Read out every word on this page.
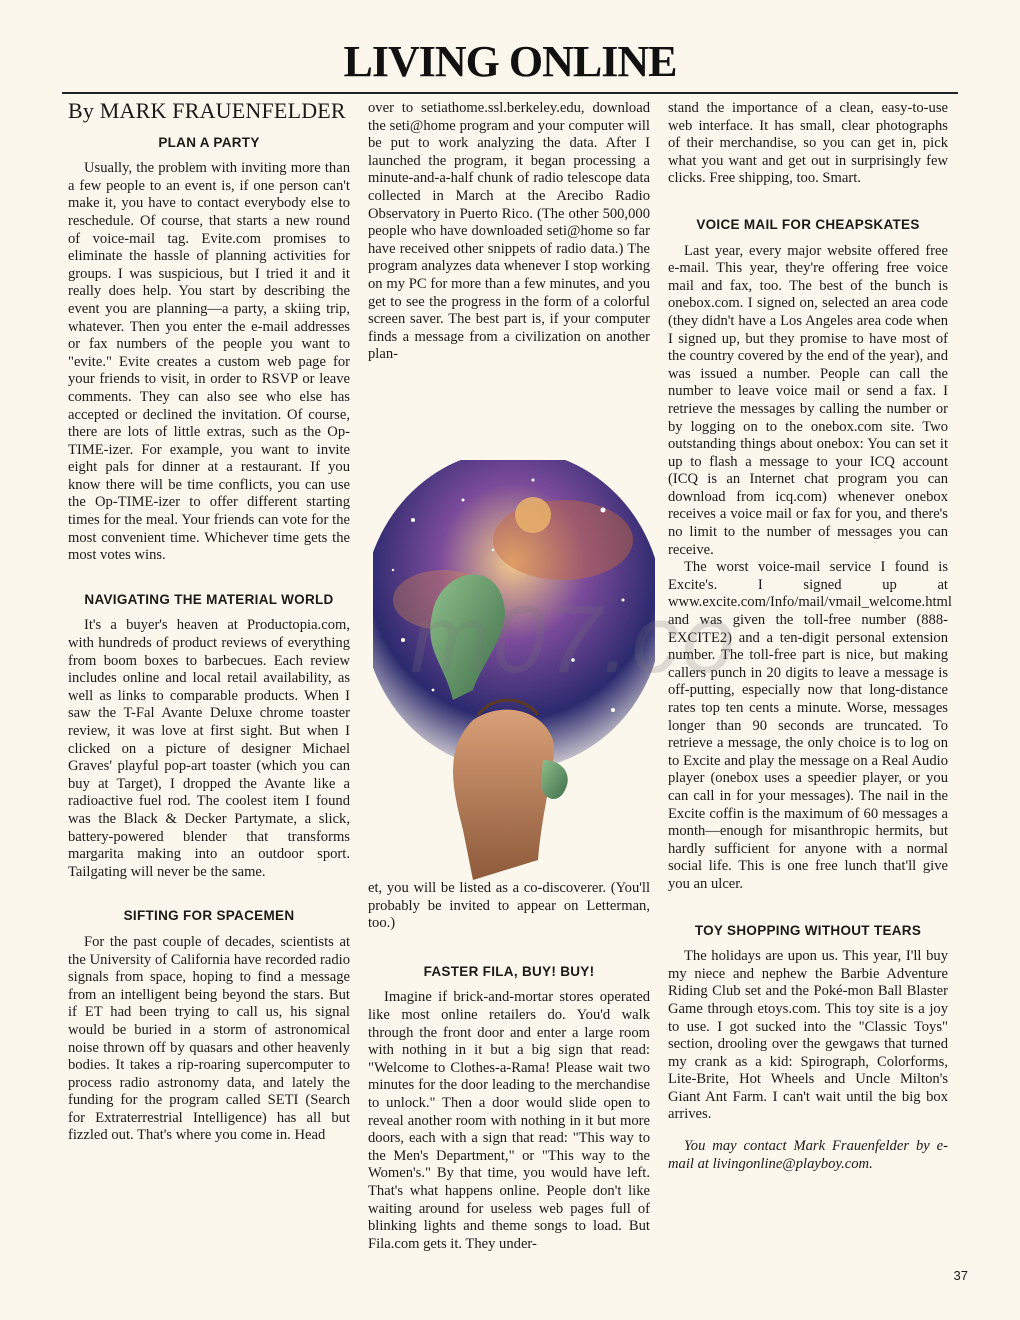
LIVING ONLINE
By MARK FRAUENFELDER
PLAN A PARTY

Usually, the problem with inviting more than a few people to an event is, if one person can't make it, you have to contact everybody else to reschedule. Of course, that starts a new round of voice-mail tag. Evite.com promises to eliminate the hassle of planning activities for groups. I was suspicious, but I tried it and it really does help. You start by describing the event you are planning—a party, a skiing trip, whatever. Then you enter the e-mail addresses or fax numbers of the people you want to "evite." Evite creates a custom web page for your friends to visit, in order to RSVP or leave comments. They can also see who else has accepted or declined the invitation. Of course, there are lots of little extras, such as the Op-TIME-izer. For example, you want to invite eight pals for dinner at a restaurant. If you know there will be time conflicts, you can use the Op-TIME-izer to offer different starting times for the meal. Your friends can vote for the most convenient time. Whichever time gets the most votes wins.

NAVIGATING THE MATERIAL WORLD

It's a buyer's heaven at Productopia.com, with hundreds of product reviews of everything from boom boxes to barbecues. Each review includes online and local retail availability, as well as links to comparable products. When I saw the T-Fal Avante Deluxe chrome toaster review, it was love at first sight. But when I clicked on a picture of designer Michael Graves' playful pop-art toaster (which you can buy at Target), I dropped the Avante like a radioactive fuel rod. The coolest item I found was the Black & Decker Partymate, a slick, battery-powered blender that transforms margarita making into an outdoor sport. Tailgating will never be the same.

SIFTING FOR SPACEMEN

For the past couple of decades, scientists at the University of California have recorded radio signals from space, hoping to find a message from an intelligent being beyond the stars. But if ET had been trying to call us, his signal would be buried in a storm of astronomical noise thrown off by quasars and other heavenly bodies. It takes a rip-roaring supercomputer to process radio astronomy data, and lately the funding for the program called SETI (Search for Extraterrestrial Intelligence) has all but fizzled out. That's where you come in. Head

over to setiathome.ssl.berkeley.edu, download the seti@home program and your computer will be put to work analyzing the data. After I launched the program, it began processing a minute-and-a-half chunk of radio telescope data collected in March at the Arecibo Radio Observatory in Puerto Rico. (The other 500,000 people who have downloaded seti@home so far have received other snippets of radio data.) The program analyzes data whenever I stop working on my PC for more than a few minutes, and you get to see the progress in the form of a colorful screen saver. The best part is, if your computer finds a message from a civilization on another plan-

et, you will be listed as a co-discoverer. (You'll probably be invited to appear on Letterman, too.)

FASTER FILA, BUY! BUY!

Imagine if brick-and-mortar stores operated like most online retailers do. You'd walk through the front door and enter a large room with nothing in it but a big sign that read: "Welcome to Clothes-a-Rama! Please wait two minutes for the door leading to the merchandise to unlock." Then a door would slide open to reveal another room with nothing in it but more doors, each with a sign that read: "This way to the Men's Department," or "This way to the Women's." By that time, you would have left. That's what happens online. People don't like waiting around for useless web pages full of blinking lights and theme songs to load. But Fila.com gets it. They under-

stand the importance of a clean, easy-to-use web interface. It has small, clear photographs of their merchandise, so you can get in, pick what you want and get out in surprisingly few clicks. Free shipping, too. Smart.

VOICE MAIL FOR CHEAPSKATES

Last year, every major website offered free e-mail. This year, they're offering free voice mail and fax, too. The best of the bunch is onebox.com. I signed on, selected an area code (they didn't have a Los Angeles area code when I signed up, but they promise to have most of the country covered by the end of the year), and was issued a number. People can call the number to leave voice mail or send a fax. I retrieve the messages by calling the number or by logging on to the onebox.com site. Two outstanding things about onebox: You can set it up to flash a message to your ICQ account (ICQ is an Internet chat program you can download from icq.com) whenever onebox receives a voice mail or fax for you, and there's no limit to the number of messages you can receive.

The worst voice-mail service I found is Excite's. I signed up at www.excite.com/Info/mail/vmail_welcome.html and was given the toll-free number (888-EXCITE2) and a ten-digit personal extension number. The toll-free part is nice, but making callers punch in 20 digits to leave a message is off-putting, especially now that long-distance rates top ten cents a minute. Worse, messages longer than 90 seconds are truncated. To retrieve a message, the only choice is to log on to Excite and play the message on a Real Audio player (onebox uses a speedier player, or you can call in for your messages). The nail in the Excite coffin is the maximum of 60 messages a month—enough for misanthropic hermits, but hardly sufficient for anyone with a normal social life. This is one free lunch that'll give you an ulcer.

TOY SHOPPING WITHOUT TEARS

The holidays are upon us. This year, I'll buy my niece and nephew the Barbie Adventure Riding Club set and the Poké-mon Ball Blaster Game through etoys.com. This toy site is a joy to use. I got sucked into the "Classic Toys" section, drooling over the gewgaws that turned my crank as a kid: Spirograph, Colorforms, Lite-Brite, Hot Wheels and Uncle Milton's Giant Ant Farm. I can't wait until the big box arrives.

You may contact Mark Frauenfelder by e-mail at livingonline@playboy.com.

m07.co
37
